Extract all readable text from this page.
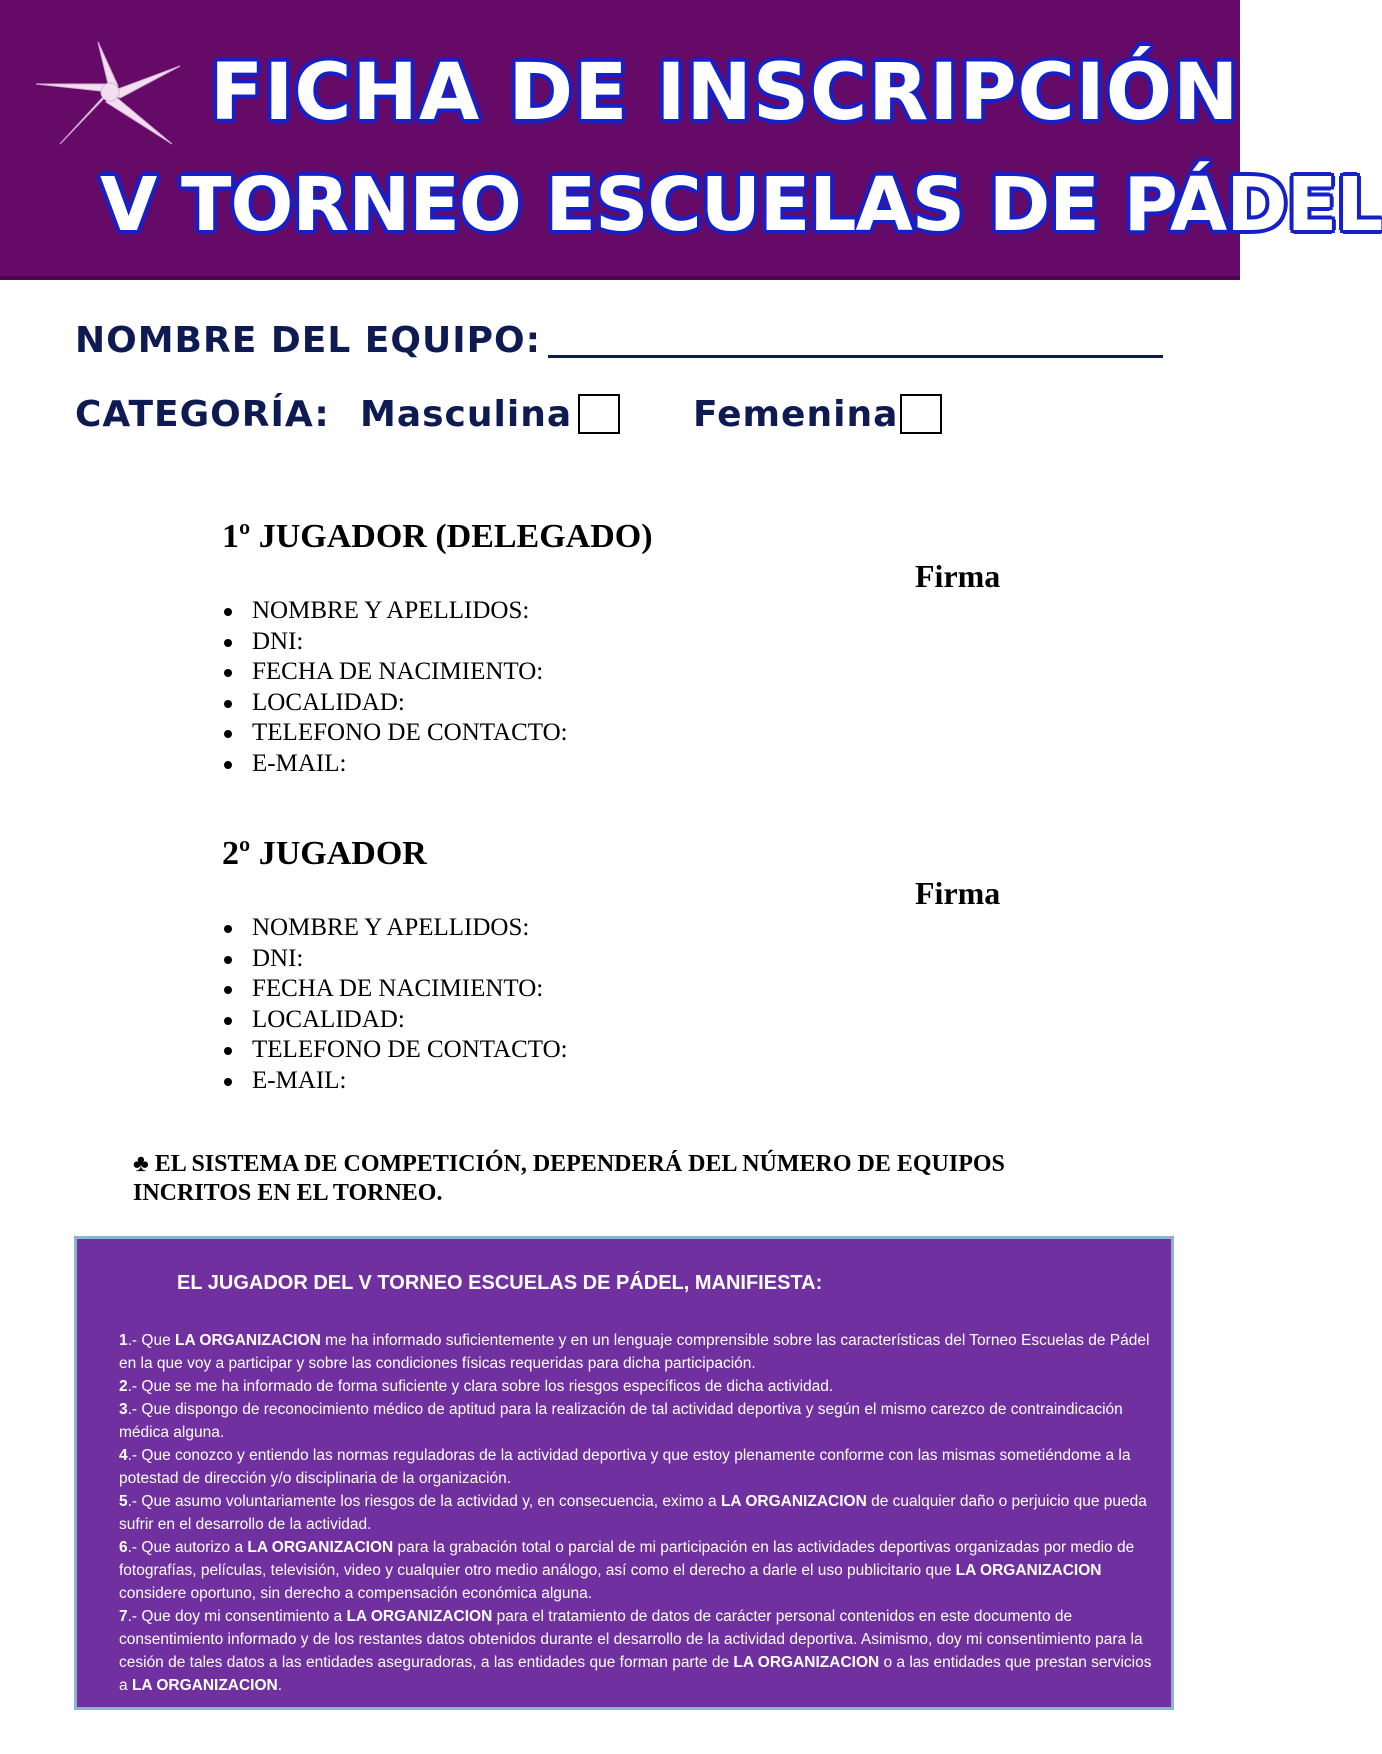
FICHA DE INSCRIPCIÓN
V TORNEO ESCUELAS DE PÁDEL
NOMBRE DEL EQUIPO:
CATEGORÍA: Masculina	Femenina
1º JUGADOR (DELEGADO)
Firma
NOMBRE Y APELLIDOS:
DNI:
FECHA DE NACIMIENTO:
LOCALIDAD:
TELEFONO DE CONTACTO:
E-MAIL:
2º JUGADOR
Firma
NOMBRE Y APELLIDOS:
DNI:
FECHA DE NACIMIENTO:
LOCALIDAD:
TELEFONO DE CONTACTO:
E-MAIL:
♣ EL SISTEMA DE COMPETICIÓN, DEPENDERÁ DEL NÚMERO DE EQUIPOS
INCRITOS EN EL TORNEO.
EL JUGADOR DEL V TORNEO ESCUELAS DE PÁDEL, MANIFIESTA:

1.- Que LA ORGANIZACION me ha informado suficientemente y en un lenguaje comprensible sobre las características del Torneo Escuelas de Pádel en la que voy a participar y sobre las condiciones físicas requeridas para dicha participación.

2.- Que se me ha informado de forma suficiente y clara sobre los riesgos específicos de dicha actividad.

3.- Que dispongo de reconocimiento médico de aptitud para la realización de tal actividad deportiva y según el mismo carezco de contraindicación médica alguna.

4.- Que conozco y entiendo las normas reguladoras de la actividad deportiva y que estoy plenamente conforme con las mismas sometiéndome a la potestad de dirección y/o disciplinaria de la organización.

5.- Que asumo voluntariamente los riesgos de la actividad y, en consecuencia, eximo a LA ORGANIZACION de cualquier daño o perjuicio que pueda sufrir en el desarrollo de la actividad.

6.- Que autorizo a LA ORGANIZACION para la grabación total o parcial de mi participación en las actividades deportivas organizadas por medio de fotografías, películas, televisión, video y cualquier otro medio análogo, así como el derecho a darle el uso publicitario que LA ORGANIZACION considere oportuno, sin derecho a compensación económica alguna.

7.- Que doy mi consentimiento a LA ORGANIZACION para el tratamiento de datos de carácter personal contenidos en este documento de consentimiento informado y de los restantes datos obtenidos durante el desarrollo de la actividad deportiva. Asimismo, doy mi consentimiento para la cesión de tales datos a las entidades aseguradoras, a las entidades que forman parte de LA ORGANIZACION o a las entidades que prestan servicios a LA ORGANIZACION.
